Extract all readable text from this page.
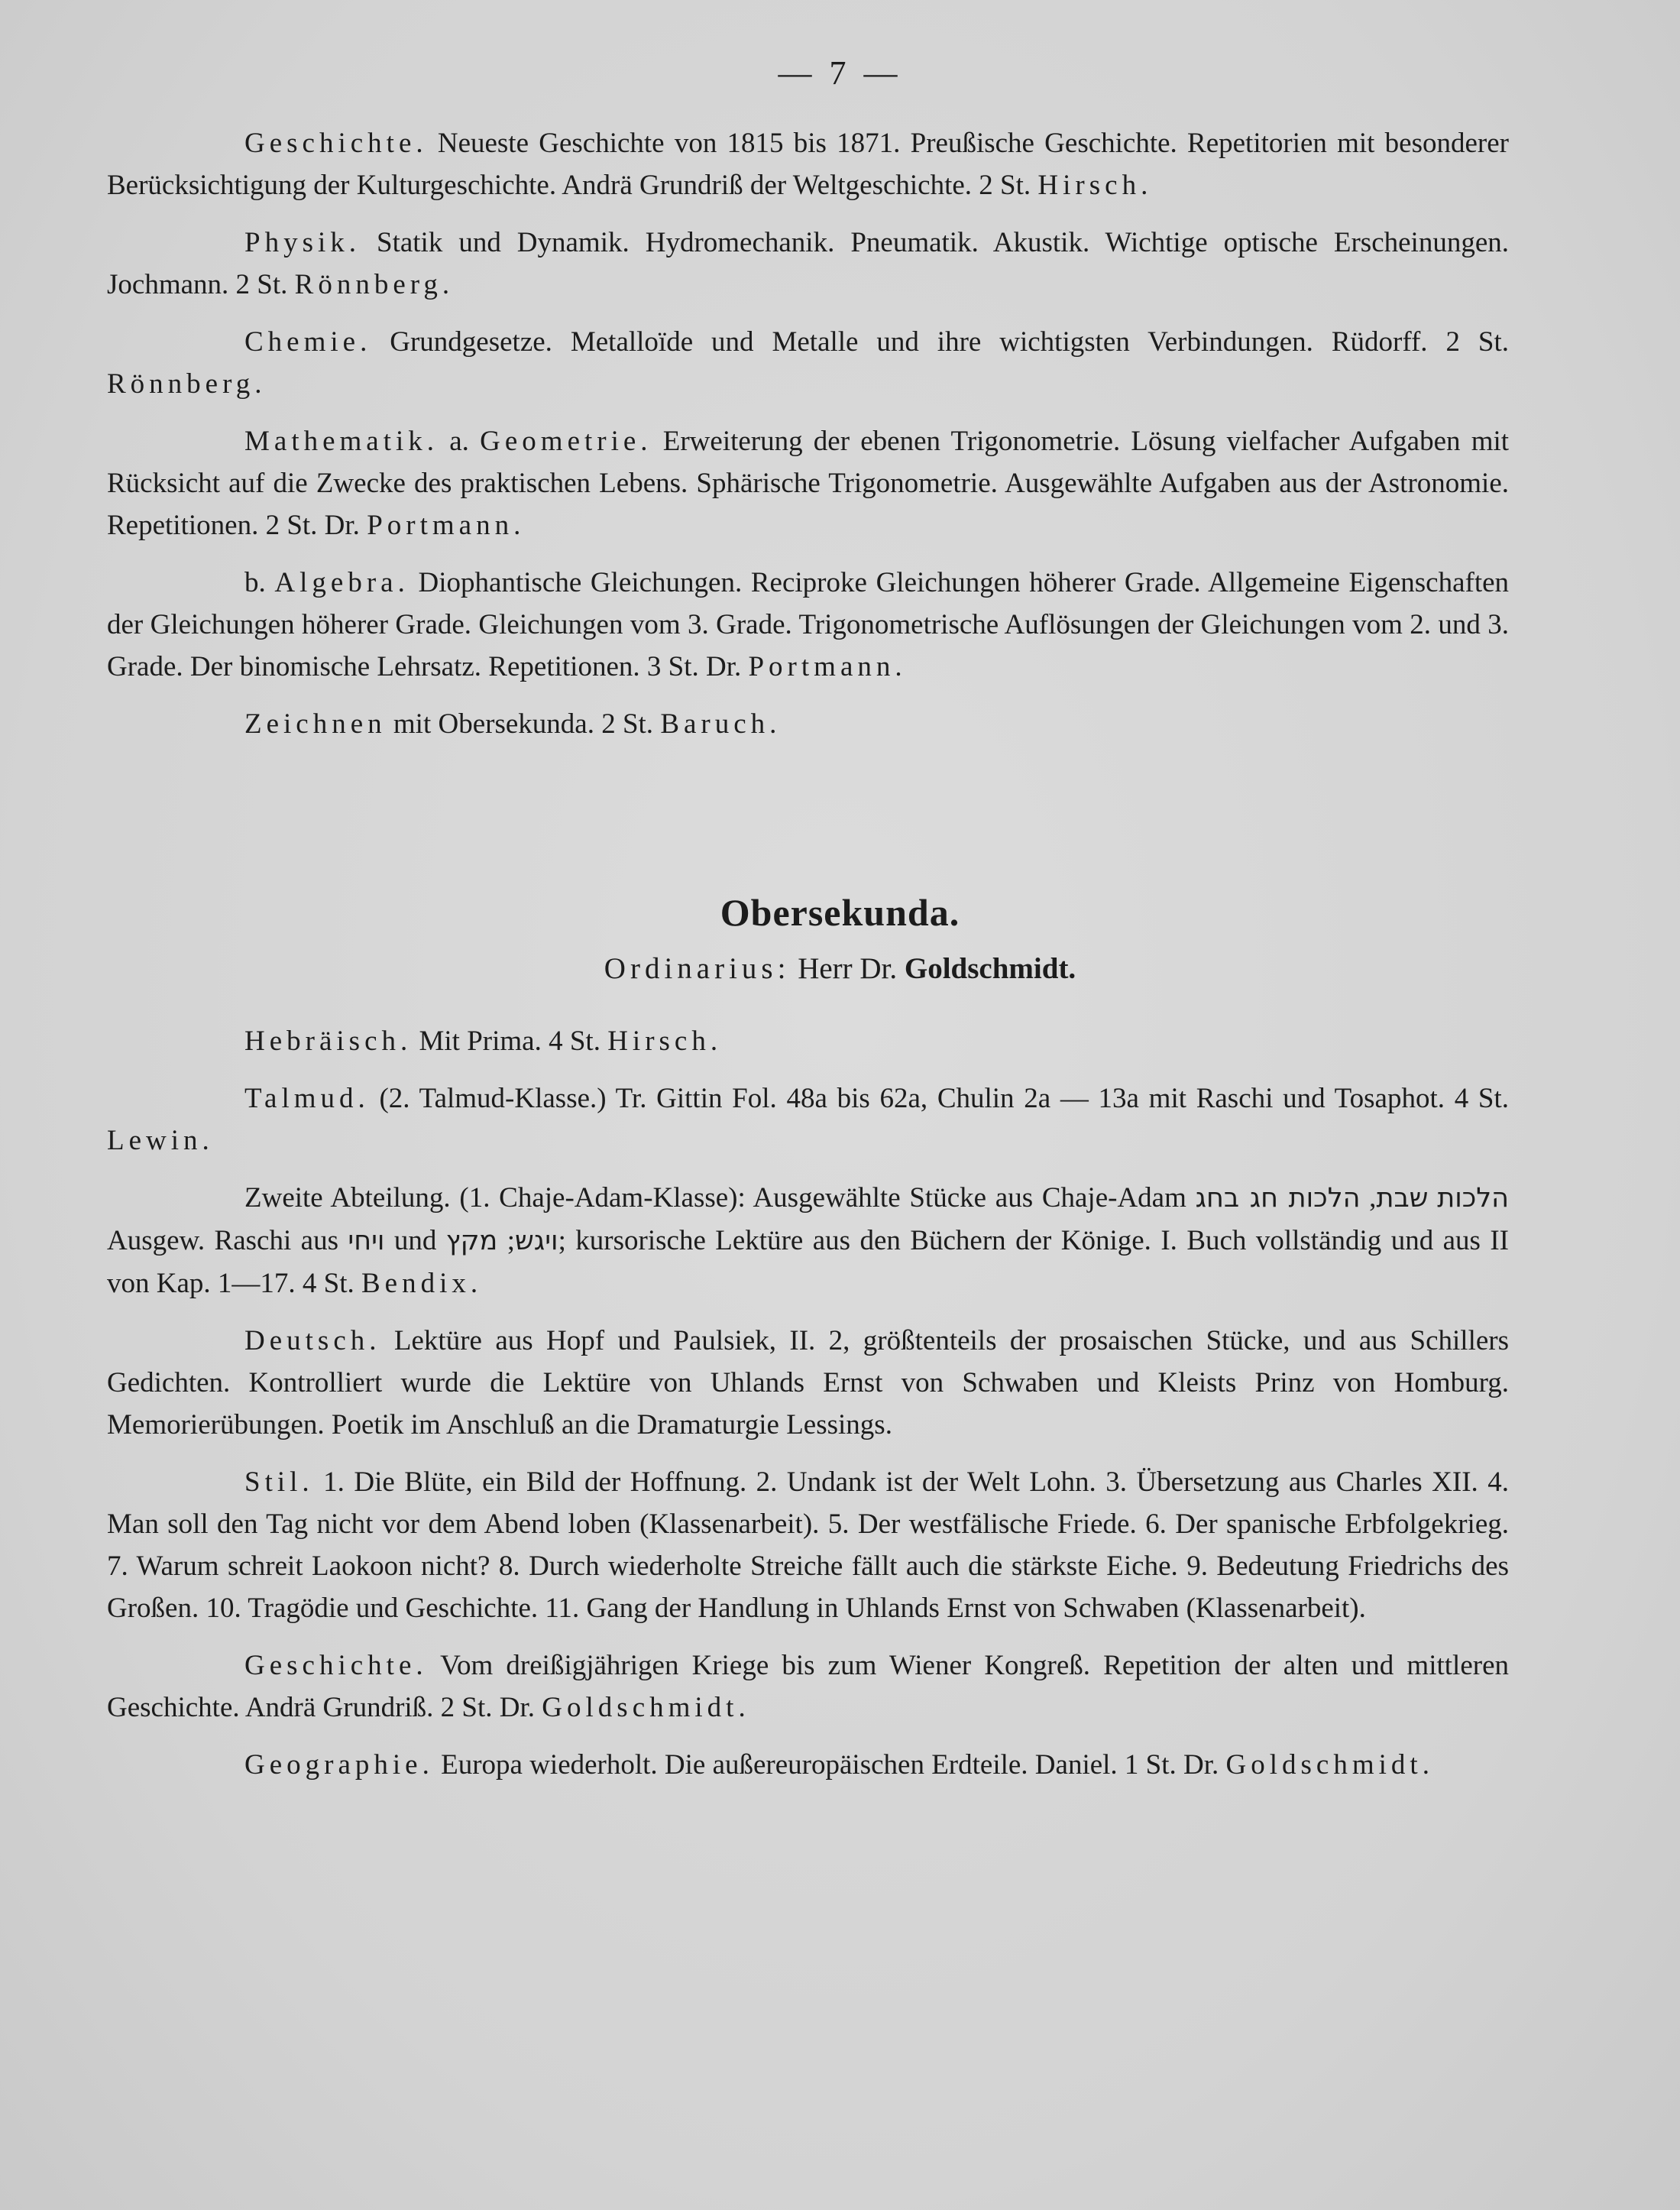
— 7 —

Geschichte. Neueste Geschichte von 1815 bis 1871. Preußische Geschichte. Repetitorien mit besonderer Berücksichtigung der Kulturgeschichte. Andrä Grundriß der Weltgeschichte. 2 St. Hirsch.

Physik. Statik und Dynamik. Hydromechanik. Pneumatik. Akustik. Wichtige optische Erscheinungen. Jochmann. 2 St. Rönnberg.

Chemie. Grundgesetze. Metalloïde und Metalle und ihre wichtigsten Verbindungen. Rüdorff. 2 St. Rönnberg.

Mathematik. a. Geometrie. Erweiterung der ebenen Trigonometrie. Lösung vielfacher Aufgaben mit Rücksicht auf die Zwecke des praktischen Lebens. Sphärische Trigonometrie. Ausgewählte Aufgaben aus der Astronomie. Repetitionen. 2 St. Dr. Portmann.

b. Algebra. Diophantische Gleichungen. Reciproke Gleichungen höherer Grade. Allgemeine Eigenschaften der Gleichungen höherer Grade. Gleichungen vom 3. Grade. Trigonometrische Auflösungen der Gleichungen vom 2. und 3. Grade. Der binomische Lehrsatz. Repetitionen. 3 St. Dr. Portmann.

Zeichnen mit Obersekunda. 2 St. Baruch.

Obersekunda.
Ordinarius: Herr Dr. Goldschmidt.

Hebräisch. Mit Prima. 4 St. Hirsch.

Talmud. (2. Talmud-Klasse.) Tr. Gittin Fol. 48a bis 62a, Chulin 2a — 13a mit Raschi und Tosaphot. 4 St. Lewin.

Zweite Abteilung. (1. Chaje-Adam-Klasse): Ausgewählte Stücke aus Chaje-Adam	הלכות שבת, הלכות חג בחג Ausgew. Raschi aus ויחי und	ויגש; מקץ ; kursorische Lektüre aus den Büchern der Könige. I. Buch vollständig und aus II von Kap. 1—17. 4 St. Bendix.

Deutsch. Lektüre aus Hopf und Paulsiek, II. 2, größtenteils der prosaischen Stücke, und aus Schillers Gedichten. Kontrolliert wurde die Lektüre von Uhlands Ernst von Schwaben und Kleists Prinz von Homburg. Memorierübungen. Poetik im Anschluß an die Dramaturgie Lessings.

Stil. 1. Die Blüte, ein Bild der Hoffnung. 2. Undank ist der Welt Lohn. 3. Übersetzung aus Charles XII. 4. Man soll den Tag nicht vor dem Abend loben (Klassenarbeit). 5. Der westfälische Friede. 6. Der spanische Erbfolgekrieg. 7. Warum schreit Laokoon nicht? 8. Durch wiederholte Streiche fällt auch die stärkste Eiche. 9. Bedeutung Friedrichs des Großen. 10. Tragödie und Geschichte. 11. Gang der Handlung in Uhlands Ernst von Schwaben (Klassenarbeit).

Geschichte. Vom dreißigjährigen Kriege bis zum Wiener Kongreß. Repetition der alten und mittleren Geschichte. Andrä Grundriß. 2 St. Dr. Goldschmidt.

Geographie. Europa wiederholt. Die außereuropäischen Erdteile. Daniel. 1 St. Dr. Goldschmidt.
